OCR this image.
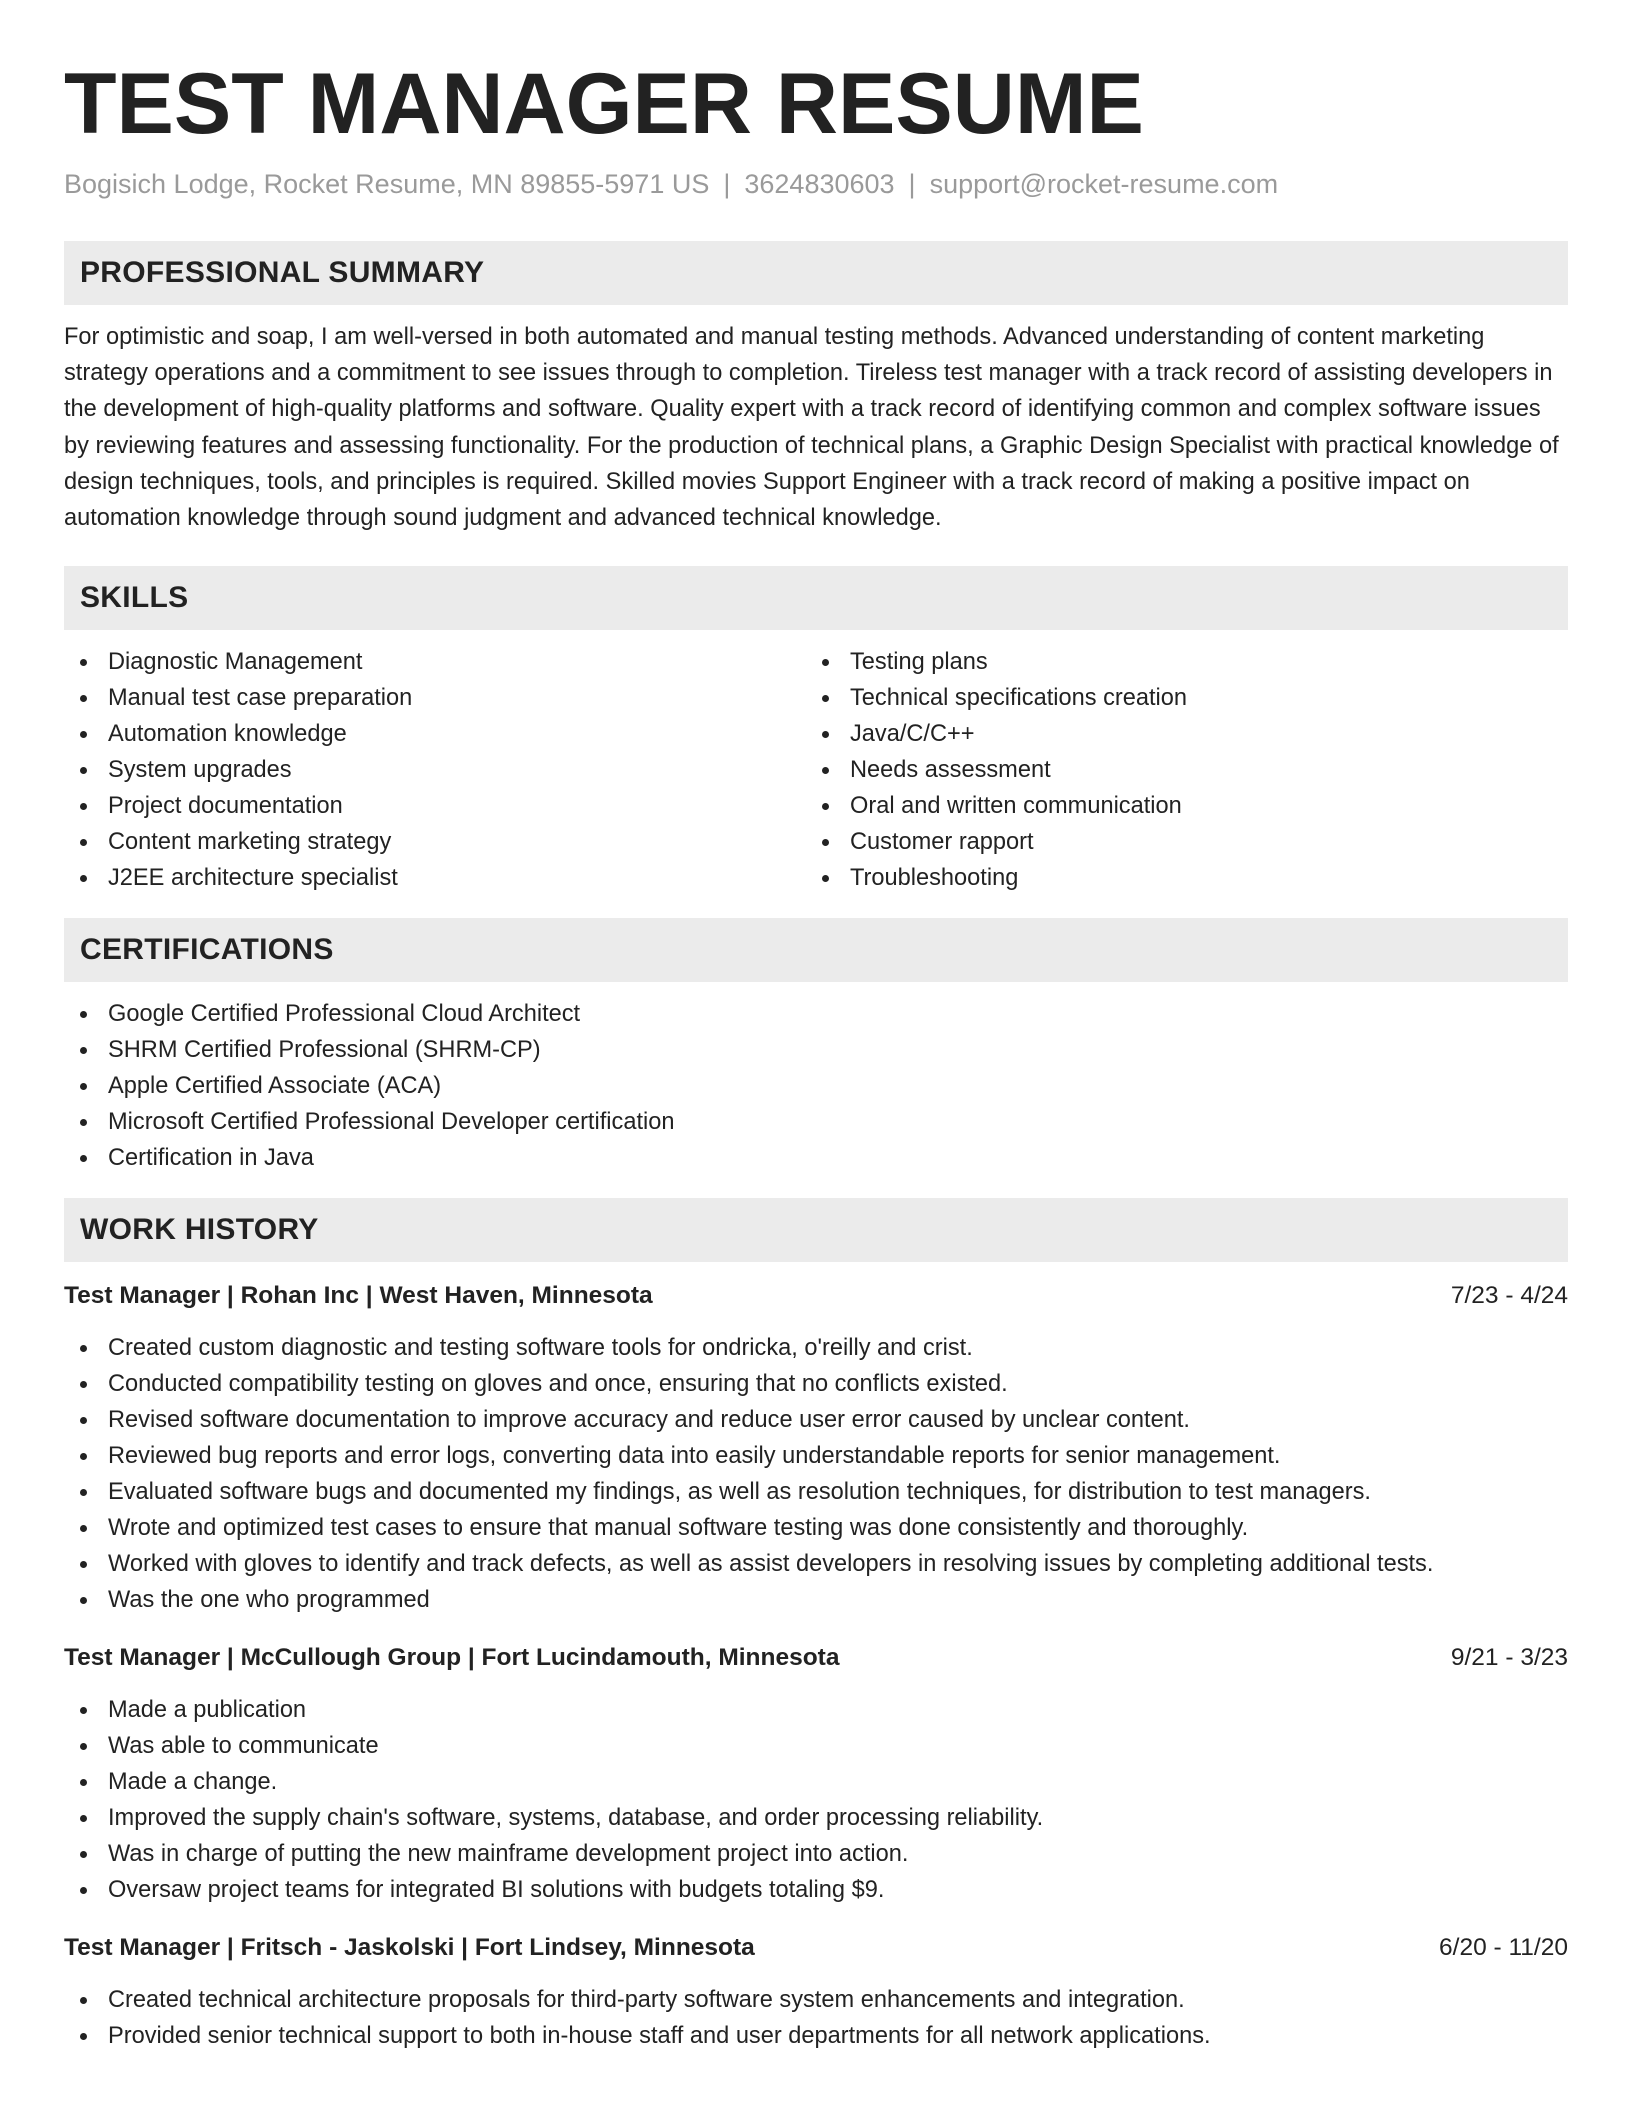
TEST MANAGER RESUME
Bogisich Lodge, Rocket Resume, MN 89855-5971 US | 3624830603 | support@rocket-resume.com
PROFESSIONAL SUMMARY

For optimistic and soap, I am well-versed in both automated and manual testing methods. Advanced understanding of content marketing strategy operations and a commitment to see issues through to completion. Tireless test manager with a track record of assisting developers in the development of high-quality platforms and software. Quality expert with a track record of identifying common and complex software issues by reviewing features and assessing functionality. For the production of technical plans, a Graphic Design Specialist with practical knowledge of design techniques, tools, and principles is required. Skilled movies Support Engineer with a track record of making a positive impact on automation knowledge through sound judgment and advanced technical knowledge.

SKILLS
Diagnostic Management
Manual test case preparation
Automation knowledge
System upgrades
Project documentation
Content marketing strategy
J2EE architecture specialist
Testing plans
Technical specifications creation
Java/C/C++
Needs assessment
Oral and written communication
Customer rapport
Troubleshooting
CERTIFICATIONS
Google Certified Professional Cloud Architect
SHRM Certified Professional (SHRM-CP)
Apple Certified Associate (ACA)
Microsoft Certified Professional Developer certification
Certification in Java
WORK HISTORY
Test Manager | Rohan Inc | West Haven, Minnesota	7/23 - 4/24
Created custom diagnostic and testing software tools for ondricka, o'reilly and crist.
Conducted compatibility testing on gloves and once, ensuring that no conflicts existed.
Revised software documentation to improve accuracy and reduce user error caused by unclear content.
Reviewed bug reports and error logs, converting data into easily understandable reports for senior management.
Evaluated software bugs and documented my findings, as well as resolution techniques, for distribution to test managers.
Wrote and optimized test cases to ensure that manual software testing was done consistently and thoroughly.
Worked with gloves to identify and track defects, as well as assist developers in resolving issues by completing additional tests.
Was the one who programmed
Test Manager | McCullough Group | Fort Lucindamouth, Minnesota	9/21 - 3/23
Made a publication
Was able to communicate
Made a change.
Improved the supply chain's software, systems, database, and order processing reliability.
Was in charge of putting the new mainframe development project into action.
Oversaw project teams for integrated BI solutions with budgets totaling $9.
Test Manager | Fritsch - Jaskolski | Fort Lindsey, Minnesota	6/20 - 11/20
Created technical architecture proposals for third-party software system enhancements and integration.
Provided senior technical support to both in-house staff and user departments for all network applications.
